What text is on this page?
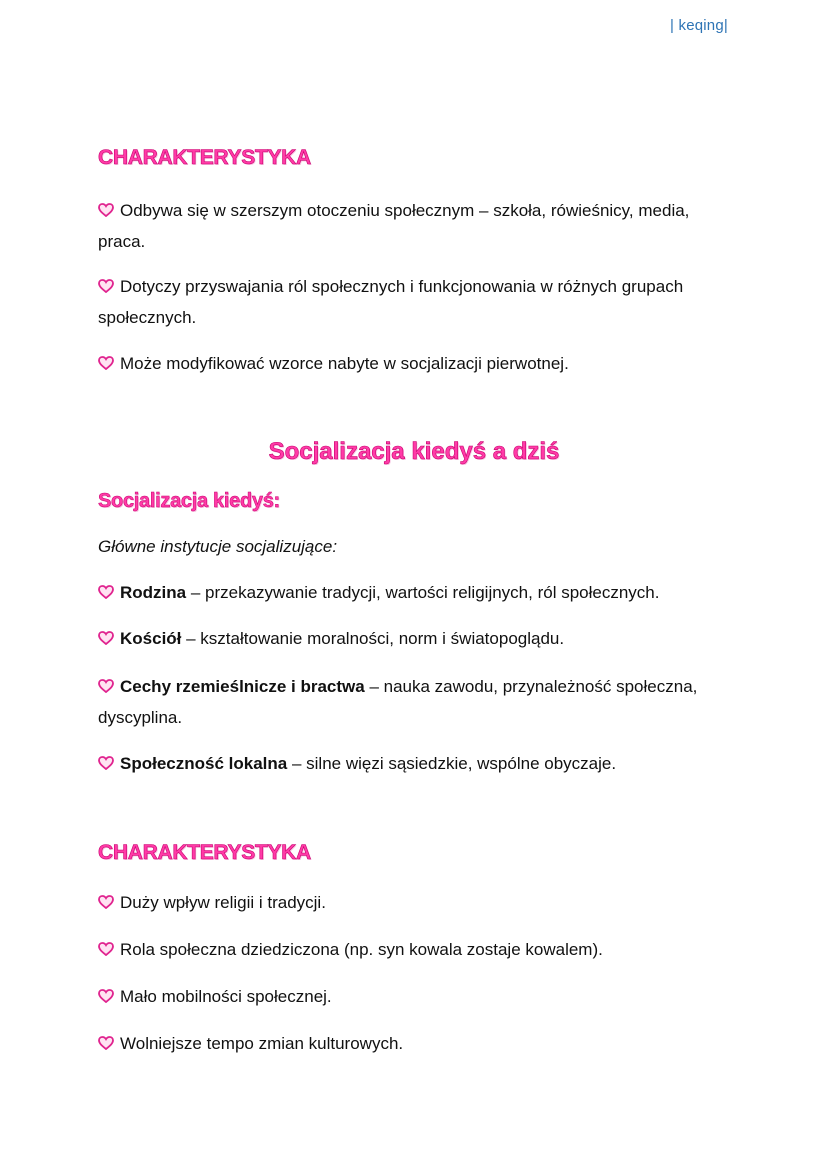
| keqing|
CHARAKTERYSTYKA
Odbywa się w szerszym otoczeniu społecznym – szkoła, rówieśnicy, media, praca.
Dotyczy przyswajania ról społecznych i funkcjonowania w różnych grupach społecznych.
Może modyfikować wzorce nabyte w socjalizacji pierwotnej.
Socjalizacja kiedyś a dziś
Socjalizacja kiedyś:
Główne instytucje socjalizujące:
Rodzina – przekazywanie tradycji, wartości religijnych, ról społecznych.
Kościół – kształtowanie moralności, norm i światopoglądu.
Cechy rzemieślnicze i bractwa – nauka zawodu, przynależność społeczna, dyscyplina.
Społeczność lokalna – silne więzi sąsiedzkie, wspólne obyczaje.
CHARAKTERYSTYKA
Duży wpływ religii i tradycji.
Rola społeczna dziedziczona (np. syn kowala zostaje kowalem).
Mało mobilności społecznej.
Wolniejsze tempo zmian kulturowych.
